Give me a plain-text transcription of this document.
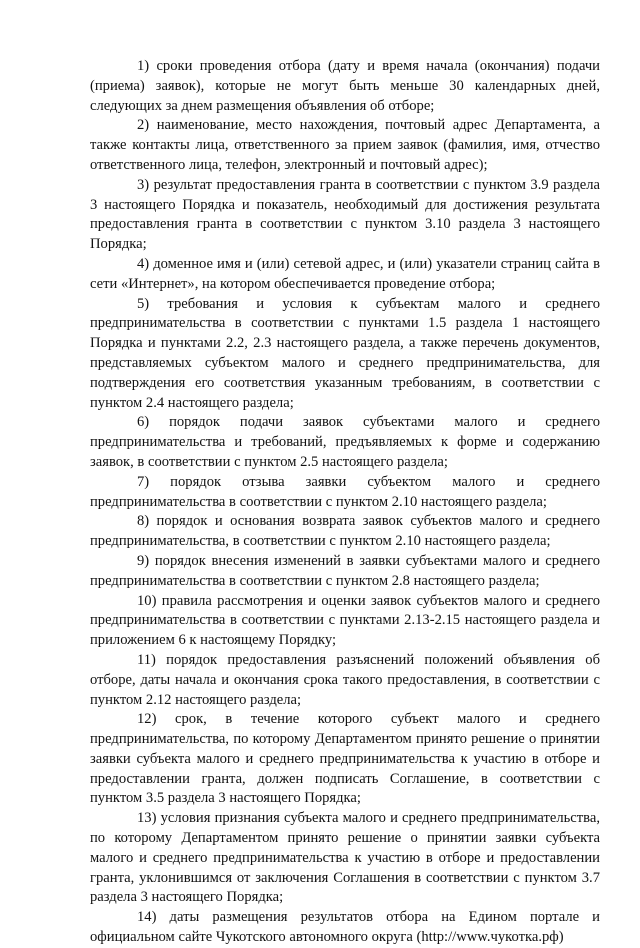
1) сроки проведения отбора (дату и время начала (окончания) подачи (приема) заявок), которые не могут быть меньше 30 календарных дней, следующих за днем размещения объявления об отборе;

2) наименование, место нахождения, почтовый адрес Департамента, а также контакты лица, ответственного за прием заявок (фамилия, имя, отчество ответственного лица, телефон, электронный и почтовый адрес);

3) результат предоставления гранта в соответствии с пунктом 3.9 раздела 3 настоящего Порядка и показатель, необходимый для достижения результата предоставления гранта в соответствии с пунктом 3.10 раздела 3 настоящего Порядка;

4) доменное имя и (или) сетевой адрес, и (или) указатели страниц сайта в сети «Интернет», на котором обеспечивается проведение отбора;

5) требования и условия к субъектам малого и среднего предпринимательства в соответствии с пунктами 1.5 раздела 1 настоящего Порядка и пунктами 2.2, 2.3 настоящего раздела, а также перечень документов, представляемых субъектом малого и среднего предпринимательства, для подтверждения его соответствия указанным требованиям, в соответствии с пунктом 2.4 настоящего раздела;

6) порядок подачи заявок субъектами малого и среднего предпринимательства и требований, предъявляемых к форме и содержанию заявок, в соответствии с пунктом 2.5 настоящего раздела;

7) порядок отзыва заявки субъектом малого и среднего предпринимательства в соответствии с пунктом 2.10 настоящего раздела;

8) порядок и основания возврата заявок субъектов малого и среднего предпринимательства, в соответствии с пунктом 2.10 настоящего раздела;

9) порядок внесения изменений в заявки субъектами малого и среднего предпринимательства в соответствии с пунктом 2.8 настоящего раздела;

10) правила рассмотрения и оценки заявок субъектов малого и среднего предпринимательства в соответствии с пунктами 2.13-2.15 настоящего раздела и приложением 6 к настоящему Порядку;

11) порядок предоставления разъяснений положений объявления об отборе, даты начала и окончания срока такого предоставления, в соответствии с пунктом 2.12 настоящего раздела;

12) срок, в течение которого субъект малого и среднего предпринимательства, по которому Департаментом принято решение о принятии заявки субъекта малого и среднего предпринимательства к участию в отборе и предоставлении гранта, должен подписать Соглашение, в соответствии с пунктом 3.5 раздела 3 настоящего Порядка;

13) условия признания субъекта малого и среднего предпринимательства, по которому Департаментом принято решение о принятии заявки субъекта малого и среднего предпринимательства к участию в отборе и предоставлении гранта, уклонившимся от заключения Соглашения в соответствии с пунктом 3.7 раздела 3 настоящего Порядка;

14) даты размещения результатов отбора на Едином портале и официальном сайте Чукотского автономного округа (http://www.чукотка.рф)
